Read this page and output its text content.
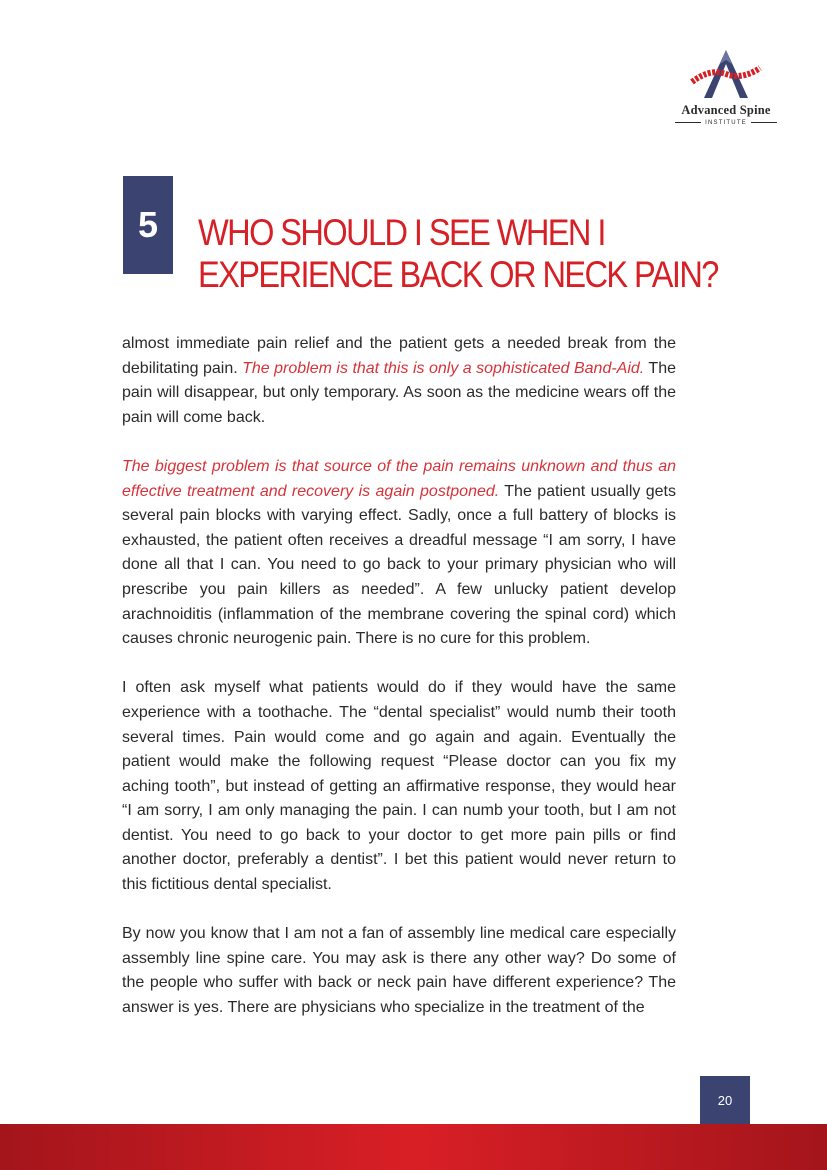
Advanced Spine
INSTITUTE
5 WHO SHOULD I SEE WHEN I
EXPERIENCE BACK OR NECK PAIN?

almost immediate pain relief and the patient gets a needed break from the debilitating pain. The problem is that this is only a sophisticated Band-Aid. The pain will disappear, but only temporary. As soon as the medicine wears off the pain will come back.

The biggest problem is that source of the pain remains unknown and thus an effective treatment and recovery is again postponed. The patient usually gets several pain blocks with varying effect. Sadly, once a full battery of blocks is exhausted, the patient often receives a dreadful message “I am sorry, I have done all that I can. You need to go back to your primary physician who will prescribe you pain killers as needed”. A few unlucky patient develop arachnoiditis (inflammation of the membrane covering the spinal cord) which causes chronic neurogenic pain. There is no cure for this problem.

I often ask myself what patients would do if they would have the same experience with a toothache. The “dental specialist” would numb their tooth several times. Pain would come and go again and again. Eventually the patient would make the following request “Please doctor can you fix my aching tooth”, but instead of getting an affirmative response, they would hear “I am sorry, I am only managing the pain. I can numb your tooth, but I am not dentist. You need to go back to your doctor to get more pain pills or find another doctor, preferably a dentist”. I bet this patient would never return to this fictitious dental specialist.

By now you know that I am not a fan of assembly line medical care especially assembly line spine care. You may ask is there any other way? Do some of the people who suffer with back or neck pain have different experience? The answer is yes. There are physicians who specialize in the treatment of the

20
